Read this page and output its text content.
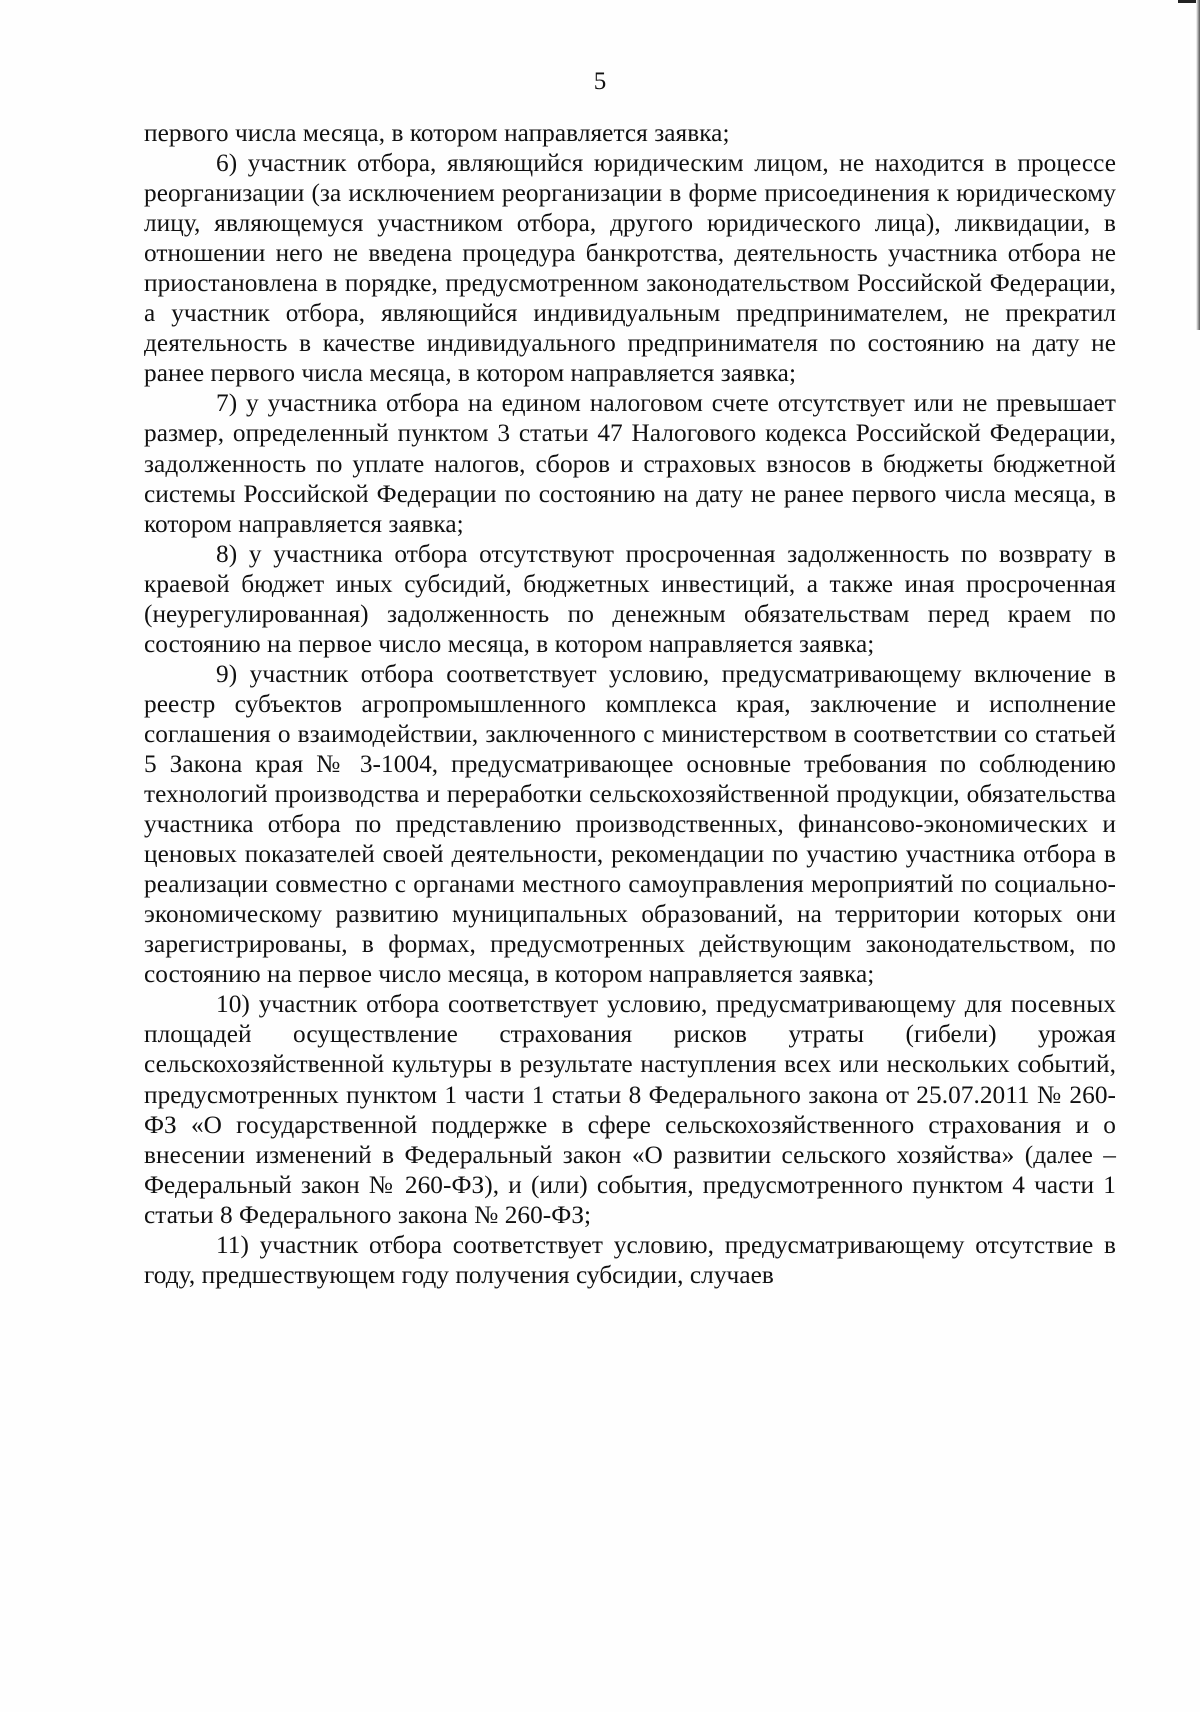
5

первого числа месяца, в котором направляется заявка;

6) участник отбора, являющийся юридическим лицом, не находится в процессе реорганизации (за исключением реорганизации в форме присоединения к юридическому лицу, являющемуся участником отбора, другого юридического лица), ликвидации, в отношении него не введена процедура банкротства, деятельность участника отбора не приостановлена в порядке, предусмотренном законодательством Российской Федерации, а участник отбора, являющийся индивидуальным предпринимателем, не прекратил деятельность в качестве индивидуального предпринимателя по состоянию на дату не ранее первого числа месяца, в котором направляется заявка;

7) у участника отбора на едином налоговом счете отсутствует или не превышает размер, определенный пунктом 3 статьи 47 Налогового кодекса Российской Федерации, задолженность по уплате налогов, сборов и страховых взносов в бюджеты бюджетной системы Российской Федерации по состоянию на дату не ранее первого числа месяца, в котором направляется заявка;

8) у участника отбора отсутствуют просроченная задолженность по возврату в краевой бюджет иных субсидий, бюджетных инвестиций, а также иная просроченная (неурегулированная) задолженность по денежным обязательствам перед краем по состоянию на первое число месяца, в котором направляется заявка;

9) участник отбора соответствует условию, предусматривающему включение в реестр субъектов агропромышленного комплекса края, заключение и исполнение соглашения о взаимодействии, заключенного с министерством в соответствии со статьей 5 Закона края № 3-1004, предусматривающее основные требования по соблюдению технологий производства и переработки сельскохозяйственной продукции, обязательства участника отбора по представлению производственных, финансово-экономических и ценовых показателей своей деятельности, рекомендации по участию участника отбора в реализации совместно с органами местного самоуправления мероприятий по социально-экономическому развитию муниципальных образований, на территории которых они зарегистрированы, в формах, предусмотренных действующим законодательством, по состоянию на первое число месяца, в котором направляется заявка;

10) участник отбора соответствует условию, предусматривающему для посевных площадей осуществление страхования рисков утраты (гибели) урожая сельскохозяйственной культуры в результате наступления всех или нескольких событий, предусмотренных пунктом 1 части 1 статьи 8 Федерального закона от 25.07.2011 № 260-ФЗ «О государственной поддержке в сфере сельскохозяйственного страхования и о внесении изменений в Федеральный закон «О развитии сельского хозяйства» (далее – Федеральный закон № 260-ФЗ), и (или) события, предусмотренного пунктом 4 части 1 статьи 8 Федерального закона № 260-ФЗ;

11) участник отбора соответствует условию, предусматривающему отсутствие в году, предшествующем году получения субсидии, случаев
